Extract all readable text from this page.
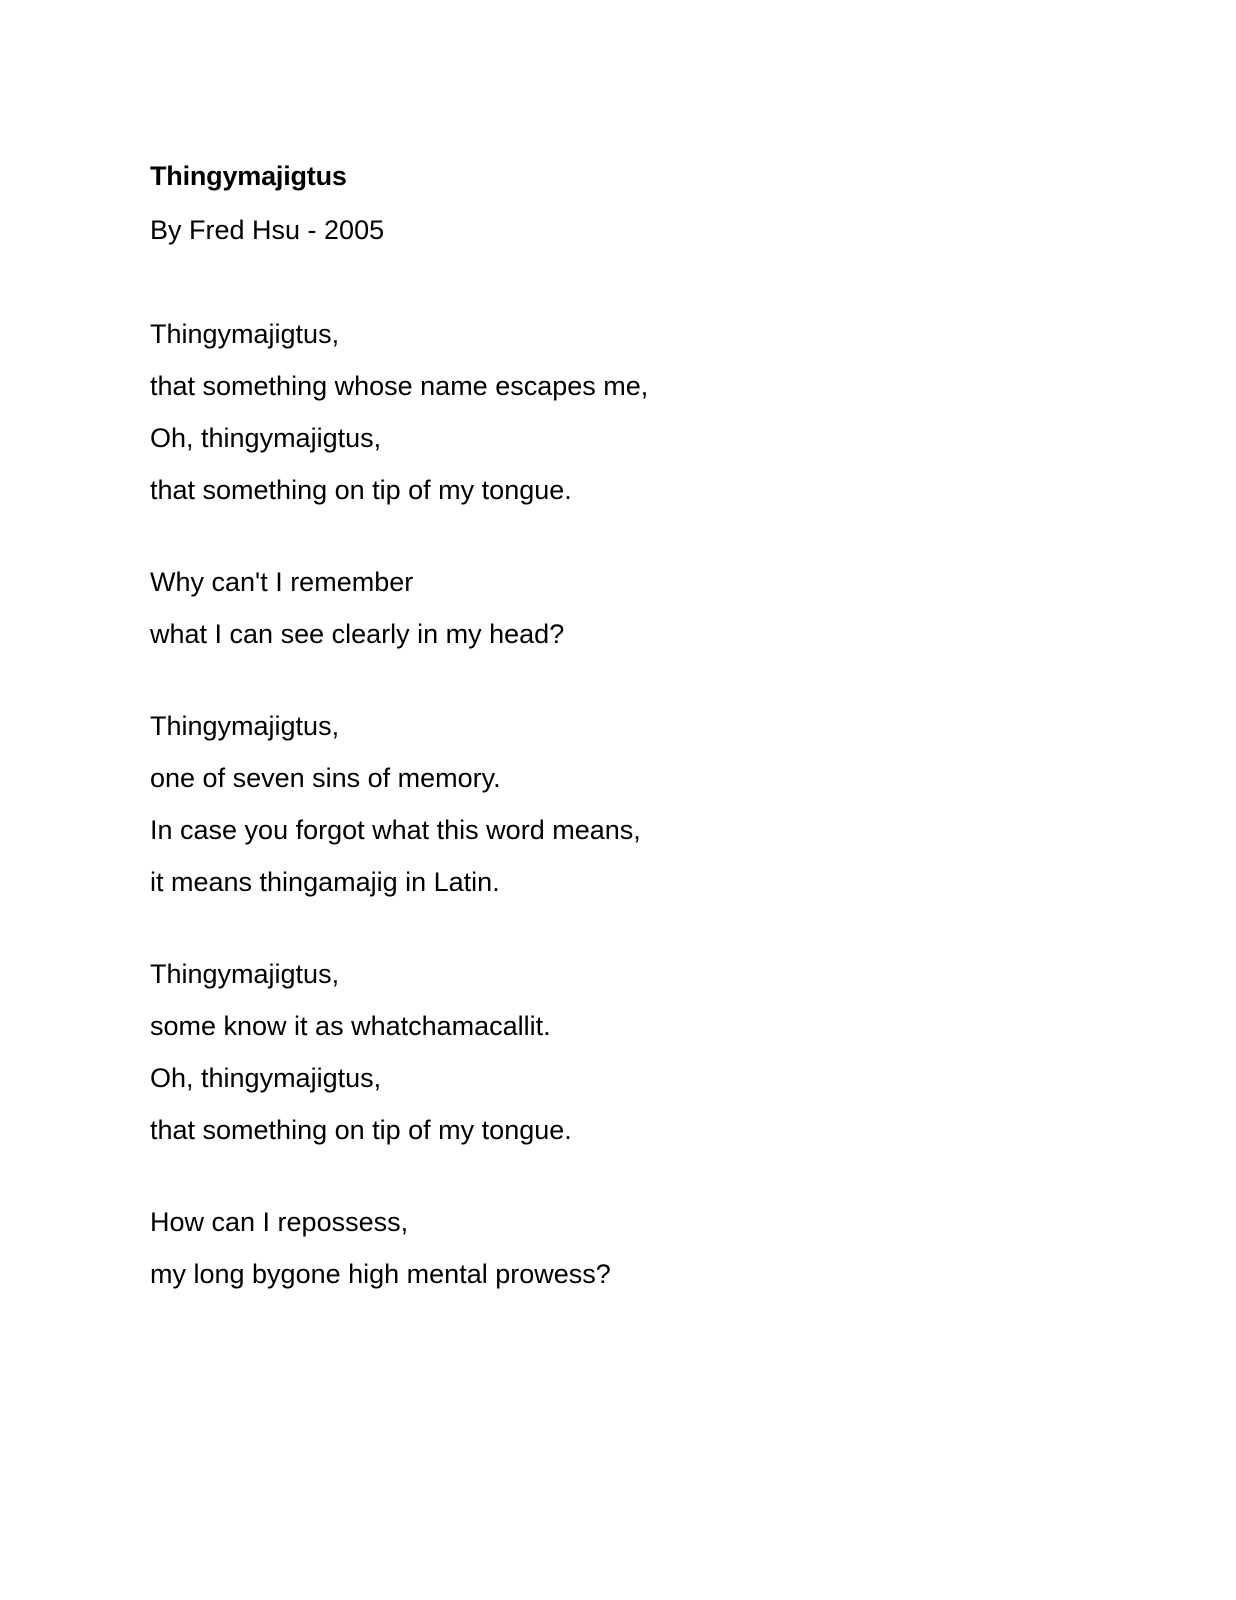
Thingymajigtus
By Fred Hsu - 2005
Thingymajigtus,
that something whose name escapes me,
Oh, thingymajigtus,
that something on tip of my tongue.
Why can't I remember
what I can see clearly in my head?
Thingymajigtus,
one of seven sins of memory.
In case you forgot what this word means,
it means thingamajig in Latin.
Thingymajigtus,
some know it as whatchamacallit.
Oh, thingymajigtus,
that something on tip of my tongue.
How can I repossess,
my long bygone high mental prowess?
